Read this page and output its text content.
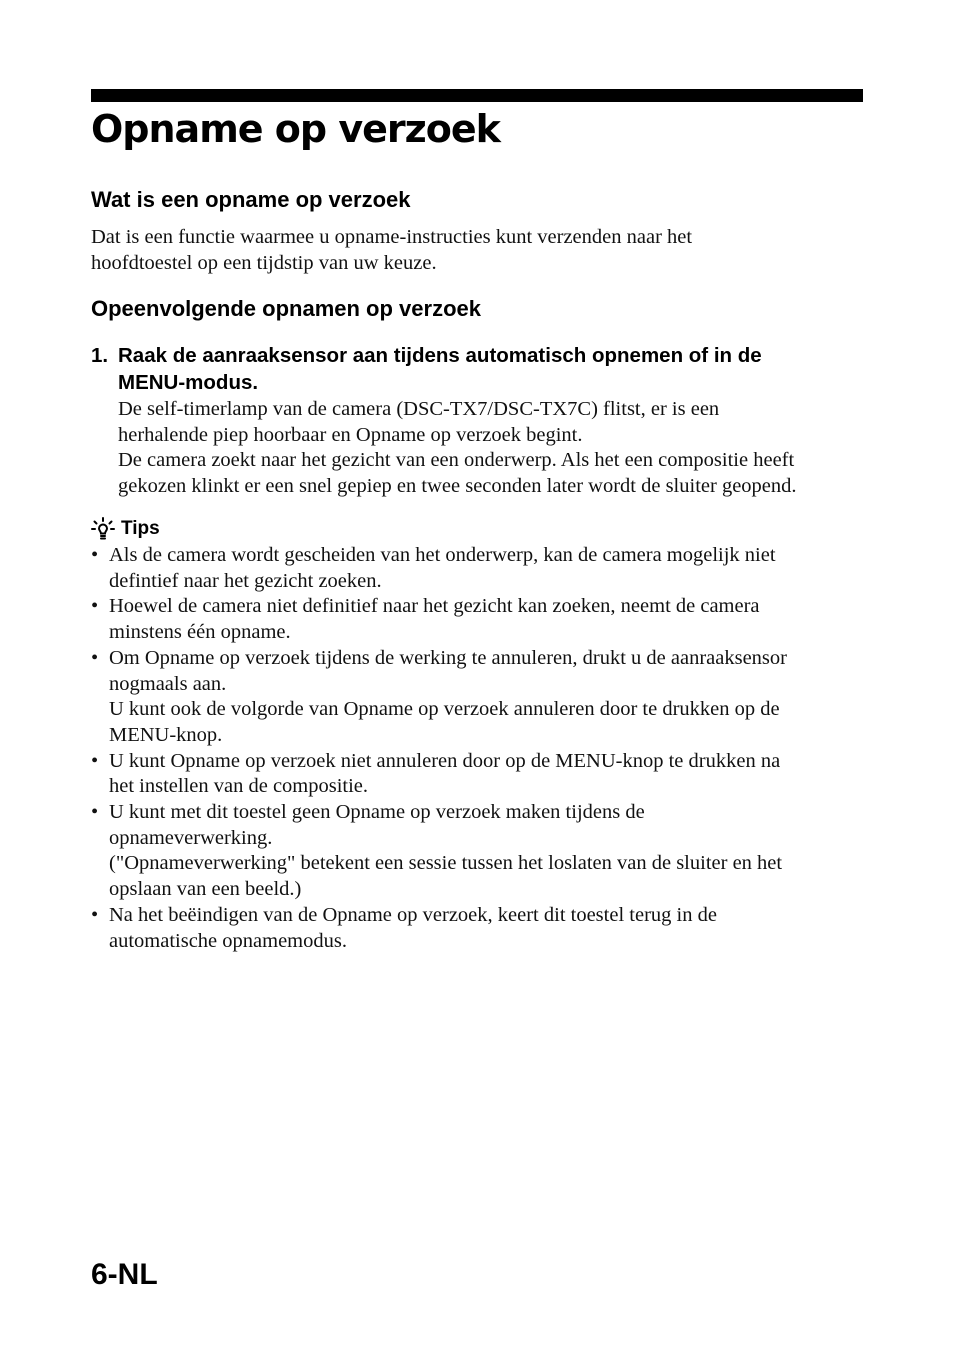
Opname op verzoek
Wat is een opname op verzoek

Dat is een functie waarmee u opname-instructies kunt verzenden naar het
hoofdtoestel op een tijdstip van uw keuze.

Opeenvolgende opnamen op verzoek
1. Raak de aanraaksensor aan tijdens automatisch opnemen of in de
MENU-modus.

De self-timerlamp van de camera (DSC-TX7/DSC-TX7C) flitst, er is een
herhalende piep hoorbaar en Opname op verzoek begint.
De camera zoekt naar het gezicht van een onderwerp. Als het een compositie heeft
gekozen klinkt er een snel gepiep en twee seconden later wordt de sluiter geopend.

Tips
• Als de camera wordt gescheiden van het onderwerp, kan de camera mogelijk niet
defintief naar het gezicht zoeken.
• Hoewel de camera niet definitief naar het gezicht kan zoeken, neemt de camera
minstens één opname.
• Om Opname op verzoek tijdens de werking te annuleren, drukt u de aanraaksensor
nogmaals aan.
U kunt ook de volgorde van Opname op verzoek annuleren door te drukken op de
MENU-knop.
• U kunt Opname op verzoek niet annuleren door op de MENU-knop te drukken na
het instellen van de compositie.
• U kunt met dit toestel geen Opname op verzoek maken tijdens de
opnameverwerking.
("Opnameverwerking" betekent een sessie tussen het loslaten van de sluiter en het
opslaan van een beeld.)
• Na het beëindigen van de Opname op verzoek, keert dit toestel terug in de
automatische opnamemodus.
6-NL
